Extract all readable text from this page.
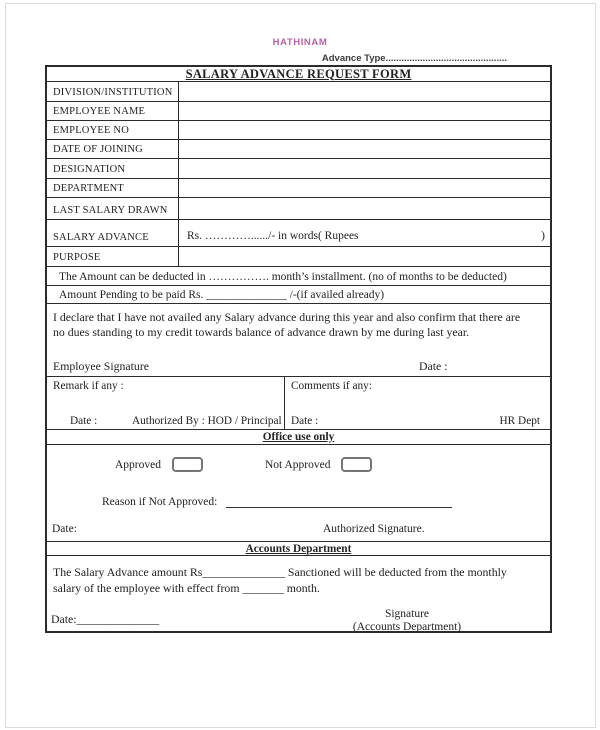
HATHINAM
Advance Type..............................................
SALARY ADVANCE REQUEST FORM
DIVISION/INSTITUTION
EMPLOYEE NAME
EMPLOYEE NO
DATE OF JOINING
DESIGNATION
DEPARTMENT
LAST SALARY DRAWN
SALARY ADVANCE	Rs. …………....../- in words( Rupees	)
PURPOSE
The Amount can be deducted in ……………. month’s installment. (no of months to be deducted)
Amount Pending to be paid Rs. ______________ /-(if availed already)
I declare that I have not availed any Salary advance during this year and also confirm that there are no dues standing to my credit towards balance of advance drawn by me during last year.
Employee Signature	Date :
Remark if any :
Date :	Authorized By : HOD / Principal
Comments if any:
Date :	HR Dept
Office use only
Approved	Not Approved
Reason if Not Approved:
Date:	Authorized Signature.
Accounts Department
The Salary Advance amount Rs______________ Sanctioned will be deducted from the monthly salary of the employee with effect from _______ month.
Date:______________	Signature
(Accounts Department)
